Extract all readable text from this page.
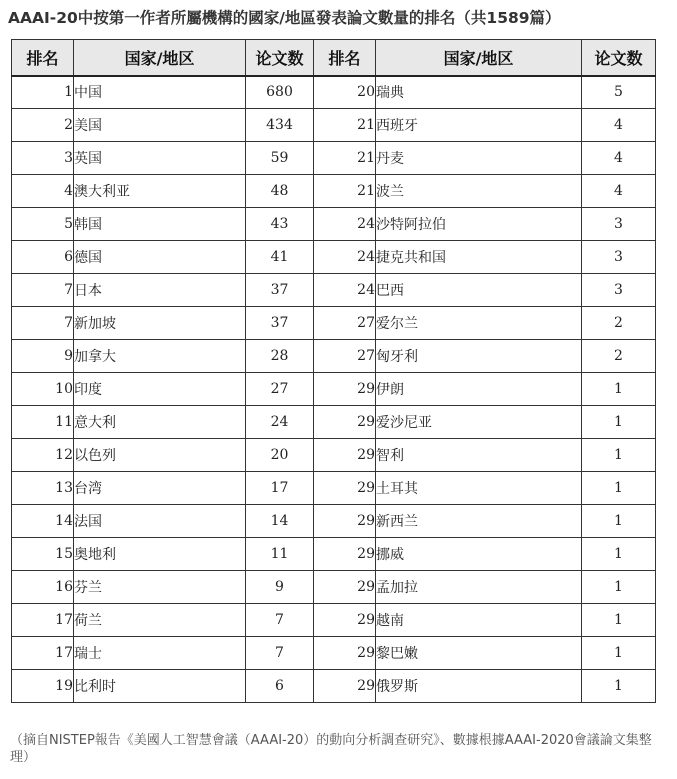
AAAI-20中按第一作者所屬機構的國家/地區發表論文數量的排名（共1589篇）
排名	国家/地区	论文数	排名	国家/地区	论文数
1	中国	680	20	瑞典	5
2	美国	434	21	西班牙	4
3	英国	59	21	丹麦	4
4	澳大利亚	48	21	波兰	4
5	韩国	43	24	沙特阿拉伯	3
6	德国	41	24	捷克共和国	3
7	日本	37	24	巴西	3
7	新加坡	37	27	爱尔兰	2
9	加拿大	28	27	匈牙利	2
10	印度	27	29	伊朗	1
11	意大利	24	29	爱沙尼亚	1
12	以色列	20	29	智利	1
13	台湾	17	29	土耳其	1
14	法国	14	29	新西兰	1
15	奥地利	11	29	挪威	1
16	芬兰	9	29	孟加拉	1
17	荷兰	7	29	越南	1
17	瑞士	7	29	黎巴嫩	1
19	比利时	6	29	俄罗斯	1
（摘自NISTEP報告《美國人工智慧會議（AAAI-20）的動向分析調查研究》、數據根據AAAI-2020會議論文集整理）
